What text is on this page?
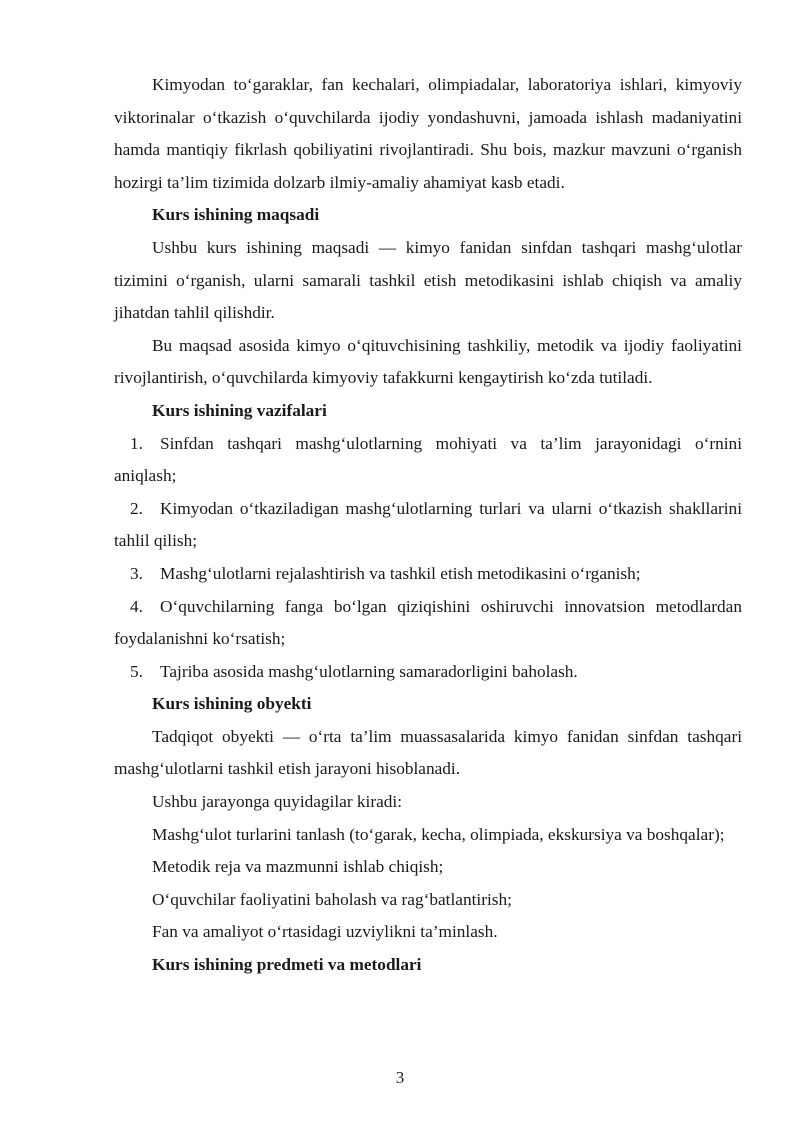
Kimyodan to‘garaklar, fan kechalari, olimpiadalar, laboratoriya ishlari, kimyoviy viktorinalar o‘tkazish o‘quvchilarda ijodiy yondashuvni, jamoada ishlash madaniyatini hamda mantiqiy fikrlash qobiliyatini rivojlantiradi. Shu bois, mazkur mavzuni o‘rganish hozirgi ta’lim tizimida dolzarb ilmiy-amaliy ahamiyat kasb etadi.

Kurs ishining maqsadi

Ushbu kurs ishining maqsadi — kimyo fanidan sinfdan tashqari mashg‘ulotlar tizimini o‘rganish, ularni samarali tashkil etish metodikasini ishlab chiqish va amaliy jihatdan tahlil qilishdir.

Bu maqsad asosida kimyo o‘qituvchisining tashkiliy, metodik va ijodiy faoliyatini rivojlantirish, o‘quvchilarda kimyoviy tafakkurni kengaytirish ko‘zda tutiladi.

Kurs ishining vazifalari

1. Sinfdan tashqari mashg‘ulotlarning mohiyati va ta’lim jarayonidagi o‘rnini aniqlash;

2. Kimyodan o‘tkaziladigan mashg‘ulotlarning turlari va ularni o‘tkazish shakllarini tahlil qilish;

3. Mashg‘ulotlarni rejalashtirish va tashkil etish metodikasini o‘rganish;

4. O‘quvchilarning fanga bo‘lgan qiziqishini oshiruvchi innovatsion metodlardan foydalanishni ko‘rsatish;

5. Tajriba asosida mashg‘ulotlarning samaradorligini baholash.

Kurs ishining obyekti

Tadqiqot obyekti — o‘rta ta’lim muassasalarida kimyo fanidan sinfdan tashqari mashg‘ulotlarni tashkil etish jarayoni hisoblanadi.

Ushbu jarayonga quyidagilar kiradi:

Mashg‘ulot turlarini tanlash (to‘garak, kecha, olimpiada, ekskursiya va boshqalar);

Metodik reja va mazmunni ishlab chiqish;

O‘quvchilar faoliyatini baholash va rag‘batlantirish;

Fan va amaliyot o‘rtasidagi uzviylikni ta’minlash.

Kurs ishining predmeti va metodlari

3
